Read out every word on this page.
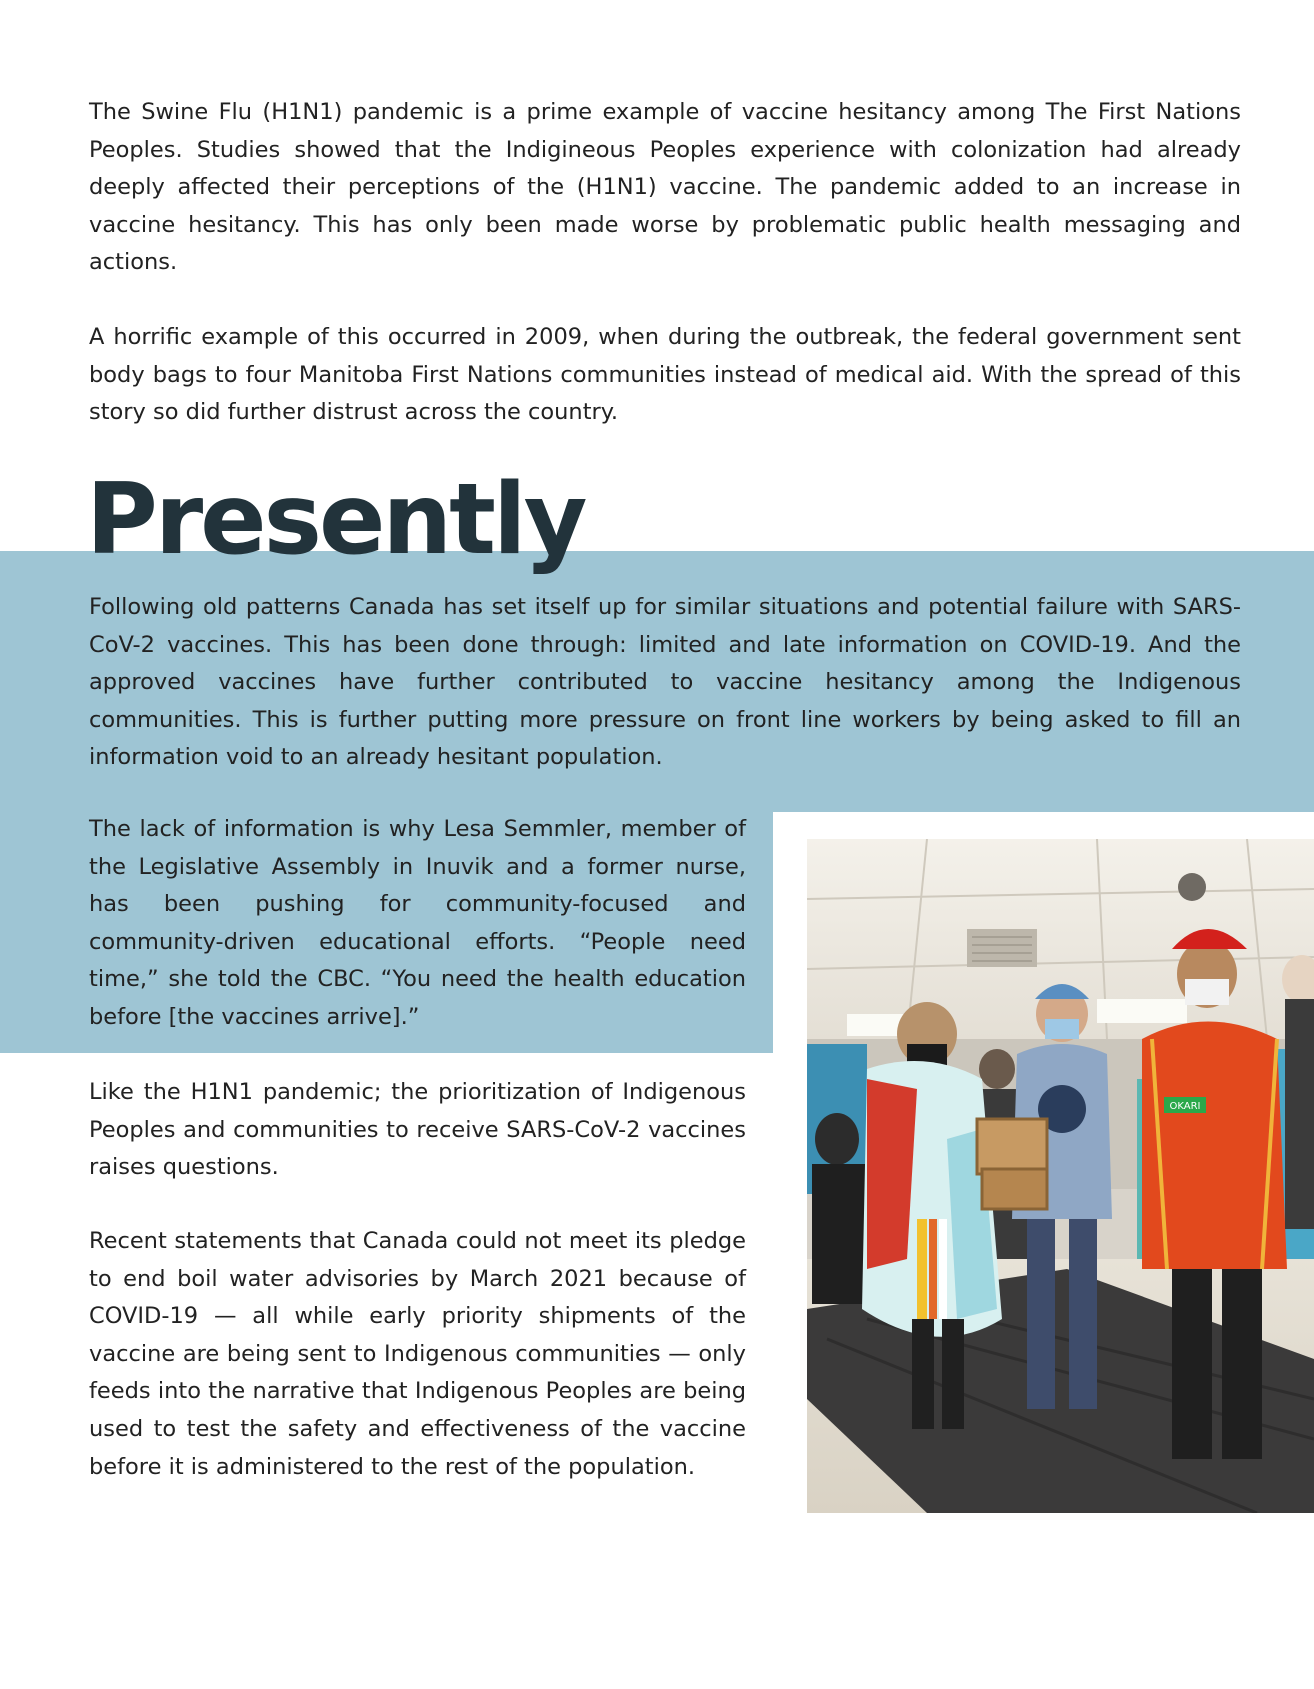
The Swine Flu (H1N1) pandemic is a prime example of vaccine hesitancy among The First Nations Peoples. Studies showed that the Indigineous Peoples experience with colonization had already deeply affected their perceptions of the (H1N1) vaccine. The pandemic added to an increase in vaccine hesitancy. This has only been made worse by problematic public health messaging and actions.

A horrific example of this occurred in 2009, when during the outbreak, the federal government sent body bags to four Manitoba First Nations communities instead of medical aid. With the spread of this story so did further distrust across the country.

Presently

Following old patterns Canada has set itself up for similar situations and potential failure with SARS-CoV-2 vaccines. This has been done through: limited and late information on COVID-19. And the approved vaccines have further contributed to vaccine hesitancy among the Indigenous communities. This is further putting more pressure on front line workers by being asked to fill an information void to an already hesitant population.

The lack of information is why Lesa Semmler, member of the Legislative Assembly in Inuvik and a former nurse, has been pushing for community-focused and community-driven educational efforts. “People need time,” she told the CBC. “You need the health education before [the vaccines arrive].”

Like the H1N1 pandemic; the prioritization of Indigenous Peoples and communities to receive SARS-CoV-2 vaccines raises questions.

Recent statements that Canada could not meet its pledge to end boil water advisories by March 2021 because of COVID-19 — all while early priority shipments of the vaccine are being sent to Indigenous communities — only feeds into the narrative that Indigenous Peoples are being used to test the safety and effectiveness of the vaccine before it is administered to the rest of the population.

OKARI
